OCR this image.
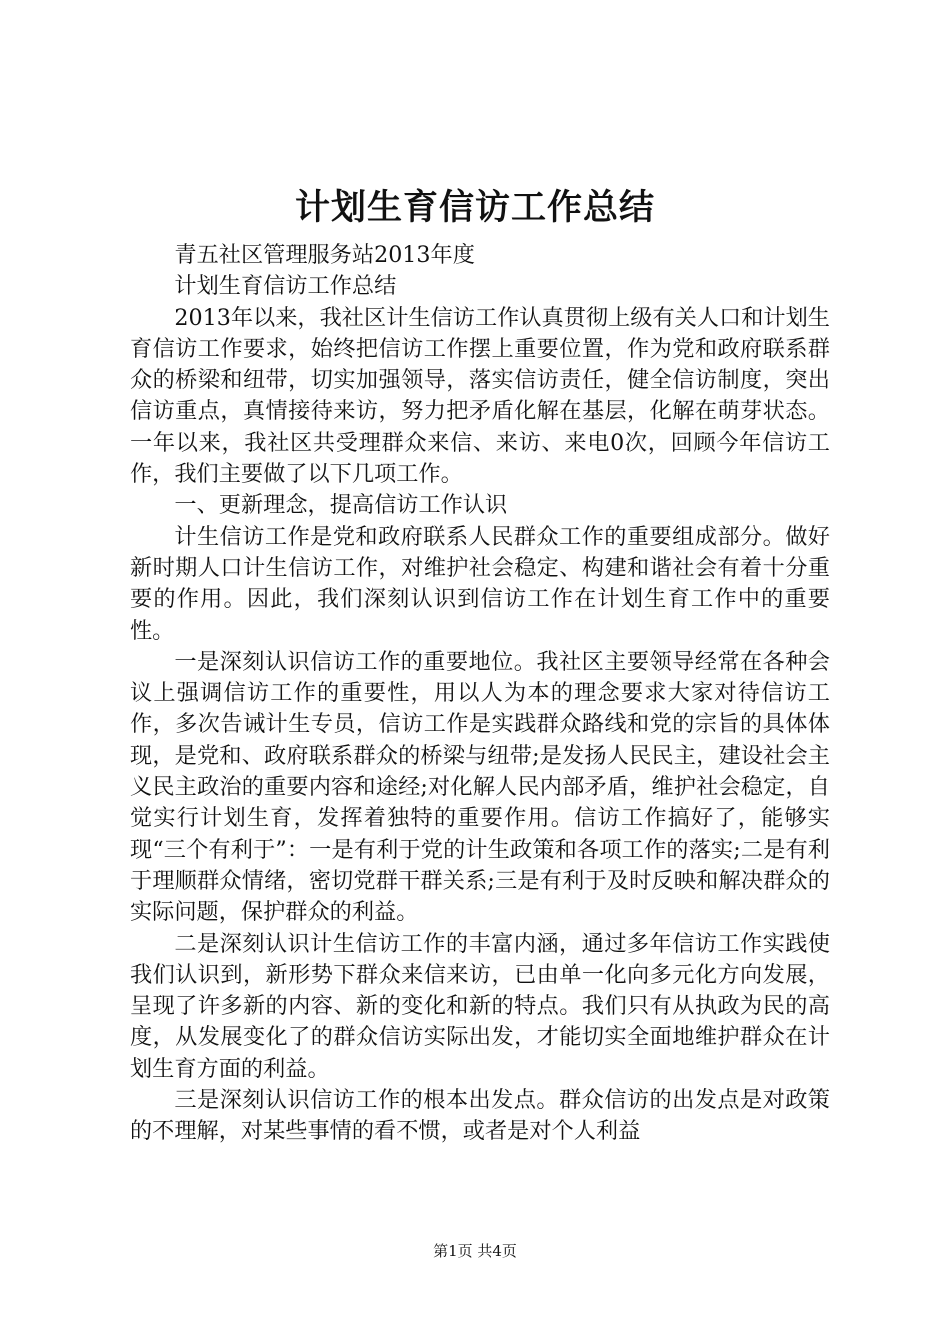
计划生育信访工作总结

青五社区管理服务站2013年度

计划生育信访工作总结

2013年以来，我社区计生信访工作认真贯彻上级有关人口和计划生育信访工作要求，始终把信访工作摆上重要位置，作为党和政府联系群众的桥梁和纽带，切实加强领导，落实信访责任，健全信访制度，突出信访重点，真情接待来访，努力把矛盾化解在基层，化解在萌芽状态。一年以来，我社区共受理群众来信、来访、来电0次，回顾今年信访工作，我们主要做了以下几项工作。

一、更新理念，提高信访工作认识

计生信访工作是党和政府联系人民群众工作的重要组成部分。做好新时期人口计生信访工作，对维护社会稳定、构建和谐社会有着十分重要的作用。因此，我们深刻认识到信访工作在计划生育工作中的重要性。

一是深刻认识信访工作的重要地位。我社区主要领导经常在各种会议上强调信访工作的重要性，用以人为本的理念要求大家对待信访工作，多次告诫计生专员，信访工作是实践群众路线和党的宗旨的具体体现，是党和、政府联系群众的桥梁与纽带;是发扬人民民主，建设社会主义民主政治的重要内容和途经;对化解人民内部矛盾，维护社会稳定，自觉实行计划生育，发挥着独特的重要作用。信访工作搞好了，能够实现“三个有利于”：一是有利于党的计生政策和各项工作的落实;二是有利于理顺群众情绪，密切党群干群关系;三是有利于及时反映和解决群众的实际问题，保护群众的利益。

二是深刻认识计生信访工作的丰富内涵，通过多年信访工作实践使我们认识到，新形势下群众来信来访，已由单一化向多元化方向发展，呈现了许多新的内容、新的变化和新的特点。我们只有从执政为民的高度，从发展变化了的群众信访实际出发，才能切实全面地维护群众在计划生育方面的利益。

三是深刻认识信访工作的根本出发点。群众信访的出发点是对政策的不理解，对某些事情的看不惯，或者是对个人利益

第1页 共4页
